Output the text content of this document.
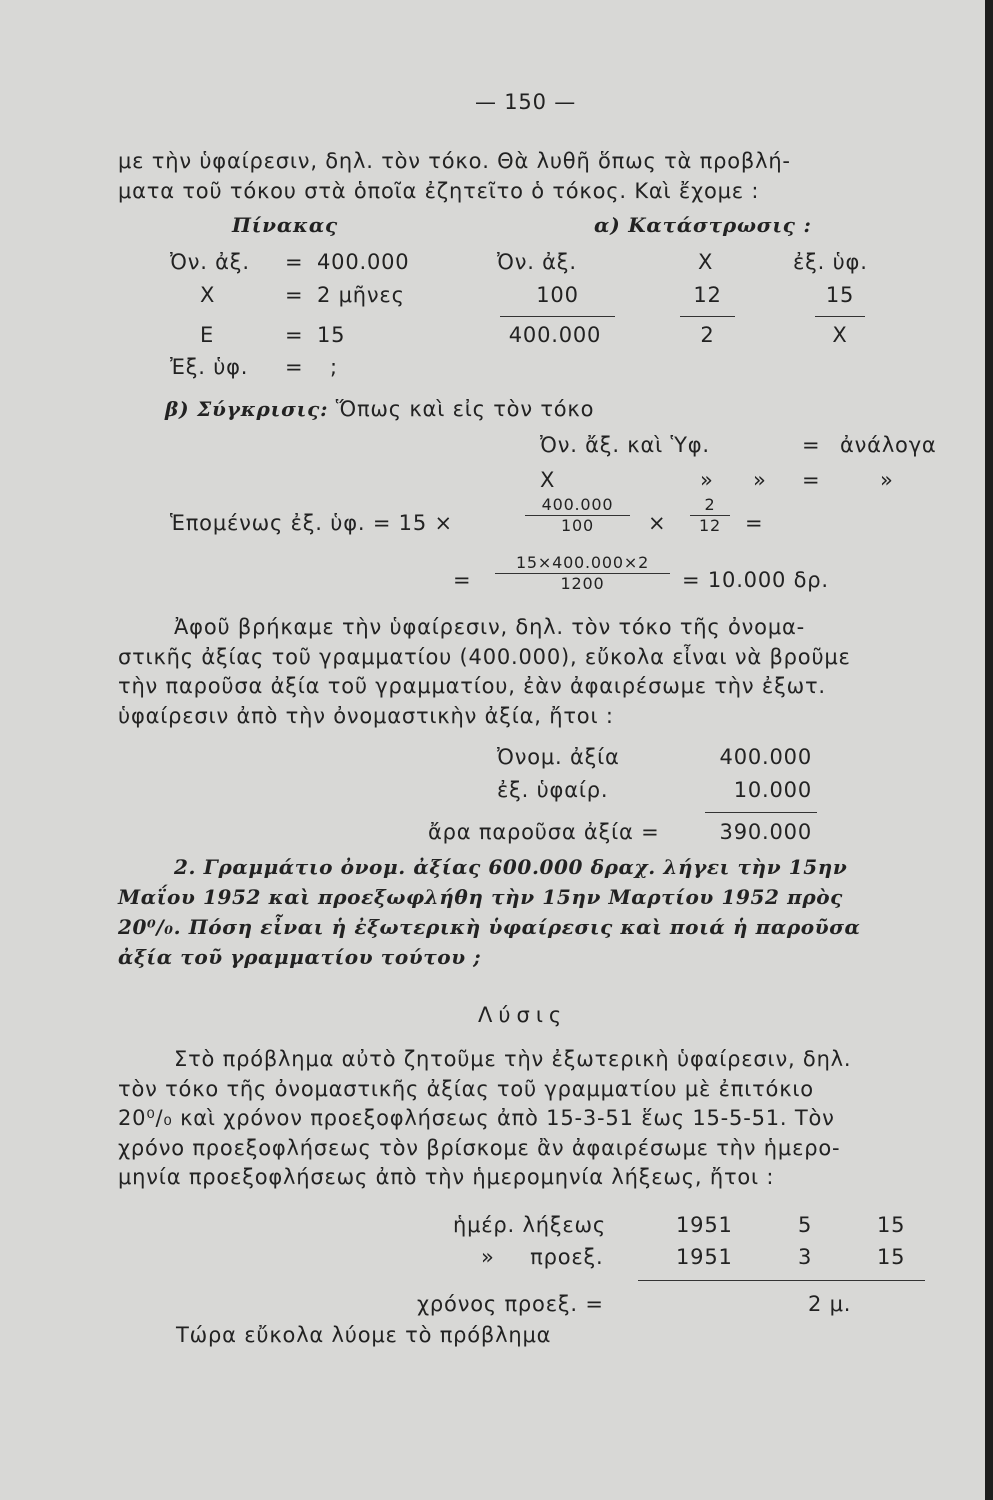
— 150 —
με τὴν ὑφαίρεσιν, δηλ. τὸν τόκο. Θὰ λυθῆ ὅπως τὰ προβλή-
ματα τοῦ τόκου στὰ ὁποῖα ἐζητεῖτο ὁ τόκος. Καὶ ἔχομε :
Πίνακας
Ὀν. ἀξ. = 400.000
X	= 2 μῆνες
E	= 15
Ἐξ. ὑφ. = ;
α) Κατάστρωσις :
Ὀν. ἀξ.	X	ἐξ. ὑφ.
100	12	15
400.000	2	X
β) Σύγκρισις: Ὅπως καὶ εἰς τὸν τόκο
Ὀν. ἄξ. καὶ Ὑφ.	= ἀνάλογα
X	» » =	»
Ἑπομένως ἐξ. ὑφ. = 15 ×
400.000
100	×
2
12	=
=
15×400.000×2
1200	= 10.000 δρ.
Ἀφοῦ βρήκαμε τὴν ὑφαίρεσιν, δηλ. τὸν τόκο τῆς ὀνομα-
στικῆς ἀξίας τοῦ γραμματίου (400.000), εὔκολα εἶναι νὰ βροῦμε
τὴν παροῦσα ἀξία τοῦ γραμματίου, ἐὰν ἀφαιρέσωμε τὴν ἐξωτ.
ὑφαίρεσιν ἀπὸ τὴν ὀνομαστικὴν ἀξία, ἤτοι :
Ὀνομ. ἀξία	400.000
ἐξ. ὑφαίρ.	10.000
ἄρα παροῦσα ἀξία =	390.000
2. Γραμμάτιο ὀνομ. ἀξίας 600.000 δραχ. λήγει τὴν 15ην
Μαΐου 1952 καὶ προεξωφλήθη τὴν 15ην Μαρτίου 1952 πρὸς
20⁰/₀. Πόση εἶναι ἡ ἐξωτερικὴ ὑφαίρεσις καὶ ποιά ἡ παροῦσα
ἀξία τοῦ γραμματίου τούτου ;
Λύσις
Στὸ πρόβλημα αὐτὸ ζητοῦμε τὴν ἐξωτερικὴ ὑφαίρεσιν, δηλ.
τὸν τόκο τῆς ὀνομαστικῆς ἀξίας τοῦ γραμματίου μὲ ἐπιτόκιο
20⁰/₀ καὶ χρόνον προεξοφλήσεως ἀπὸ 15-3-51 ἕως 15-5-51. Τὸν
χρόνο προεξοφλήσεως τὸν βρίσκομε ἂν ἀφαιρέσωμε τὴν ἡμερο-
μηνία προεξοφλήσεως ἀπὸ τὴν ἡμερομηνία λήξεως, ἤτοι :
ἡμέρ. λήξεως	1951	5	15
» προεξ.	1951	3	15
χρόνος προεξ. =	2 μ.
Τώρα εὔκολα λύομε τὸ πρόβλημα
